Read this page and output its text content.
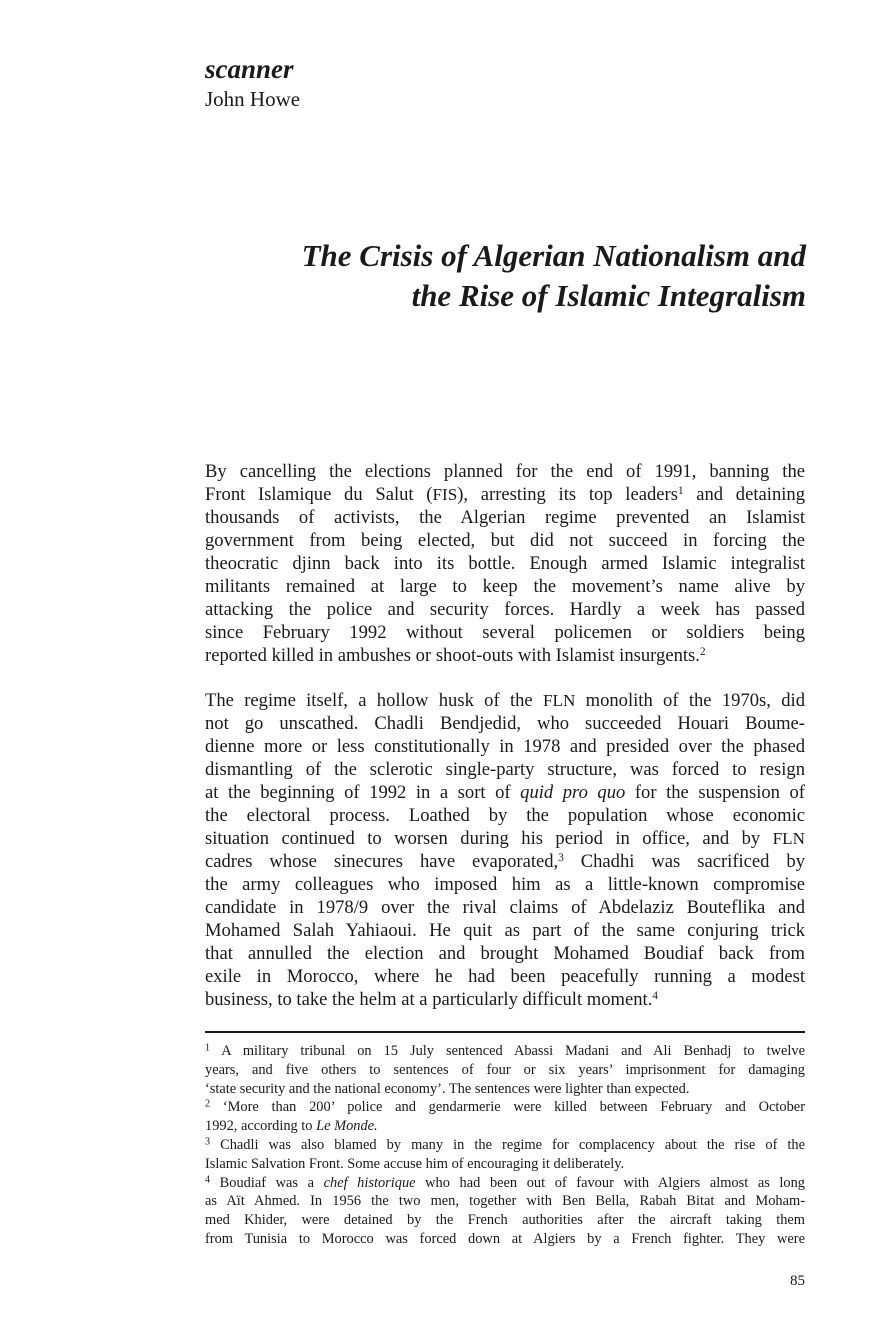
scanner
John Howe
The Crisis of Algerian Nationalism and
the Rise of Islamic Integralism
By cancelling the elections planned for the end of 1991, banning the
Front Islamique du Salut (FIS), arresting its top leaders$^1$ and detaining
thousands of activists, the Algerian regime prevented an Islamist
government from being elected, but did not succeed in forcing the
theocratic djinn back into its bottle. Enough armed Islamic integralist
militants remained at large to keep the movement’s name alive by
attacking the police and security forces. Hardly a week has passed
since February 1992 without several policemen or soldiers being
reported killed in ambushes or shoot-outs with Islamist insurgents.$^2$
The regime itself, a hollow husk of the FLN monolith of the 1970s, did
not go unscathed. Chadli Bendjedid, who succeeded Houari Boume-
dienne more or less constitutionally in 1978 and presided over the phased
dismantling of the sclerotic single-party structure, was forced to resign
at the beginning of 1992 in a sort of quid pro quo for the suspension of
the electoral process. Loathed by the population whose economic
situation continued to worsen during his period in office, and by FLN
cadres whose sinecures have evaporated,$^3$ Chadhi was sacrificed by
the army colleagues who imposed him as a little-known compromise
candidate in 1978/9 over the rival claims of Abdelaziz Bouteflika and
Mohamed Salah Yahiaoui. He quit as part of the same conjuring trick
that annulled the election and brought Mohamed Boudiaf back from
exile in Morocco, where he had been peacefully running a modest
business, to take the helm at a particularly difficult moment.$^4$
$^1$ A military tribunal on 15 July sentenced Abassi Madani and Ali Benhadj to twelve
years, and five others to sentences of four or six years’ imprisonment for damaging
‘state security and the national economy’. The sentences were lighter than expected.
$^2$ ‘More than 200’ police and gendarmerie were killed between February and October
1992, according to Le Monde.
$^3$ Chadli was also blamed by many in the regime for complacency about the rise of the
Islamic Salvation Front. Some accuse him of encouraging it deliberately.
$^4$ Boudiaf was a chef historique who had been out of favour with Algiers almost as long
as Aït Ahmed. In 1956 the two men, together with Ben Bella, Rabah Bitat and Moham-
med Khider, were detained by the French authorities after the aircraft taking them
from Tunisia to Morocco was forced down at Algiers by a French fighter. They were
85
